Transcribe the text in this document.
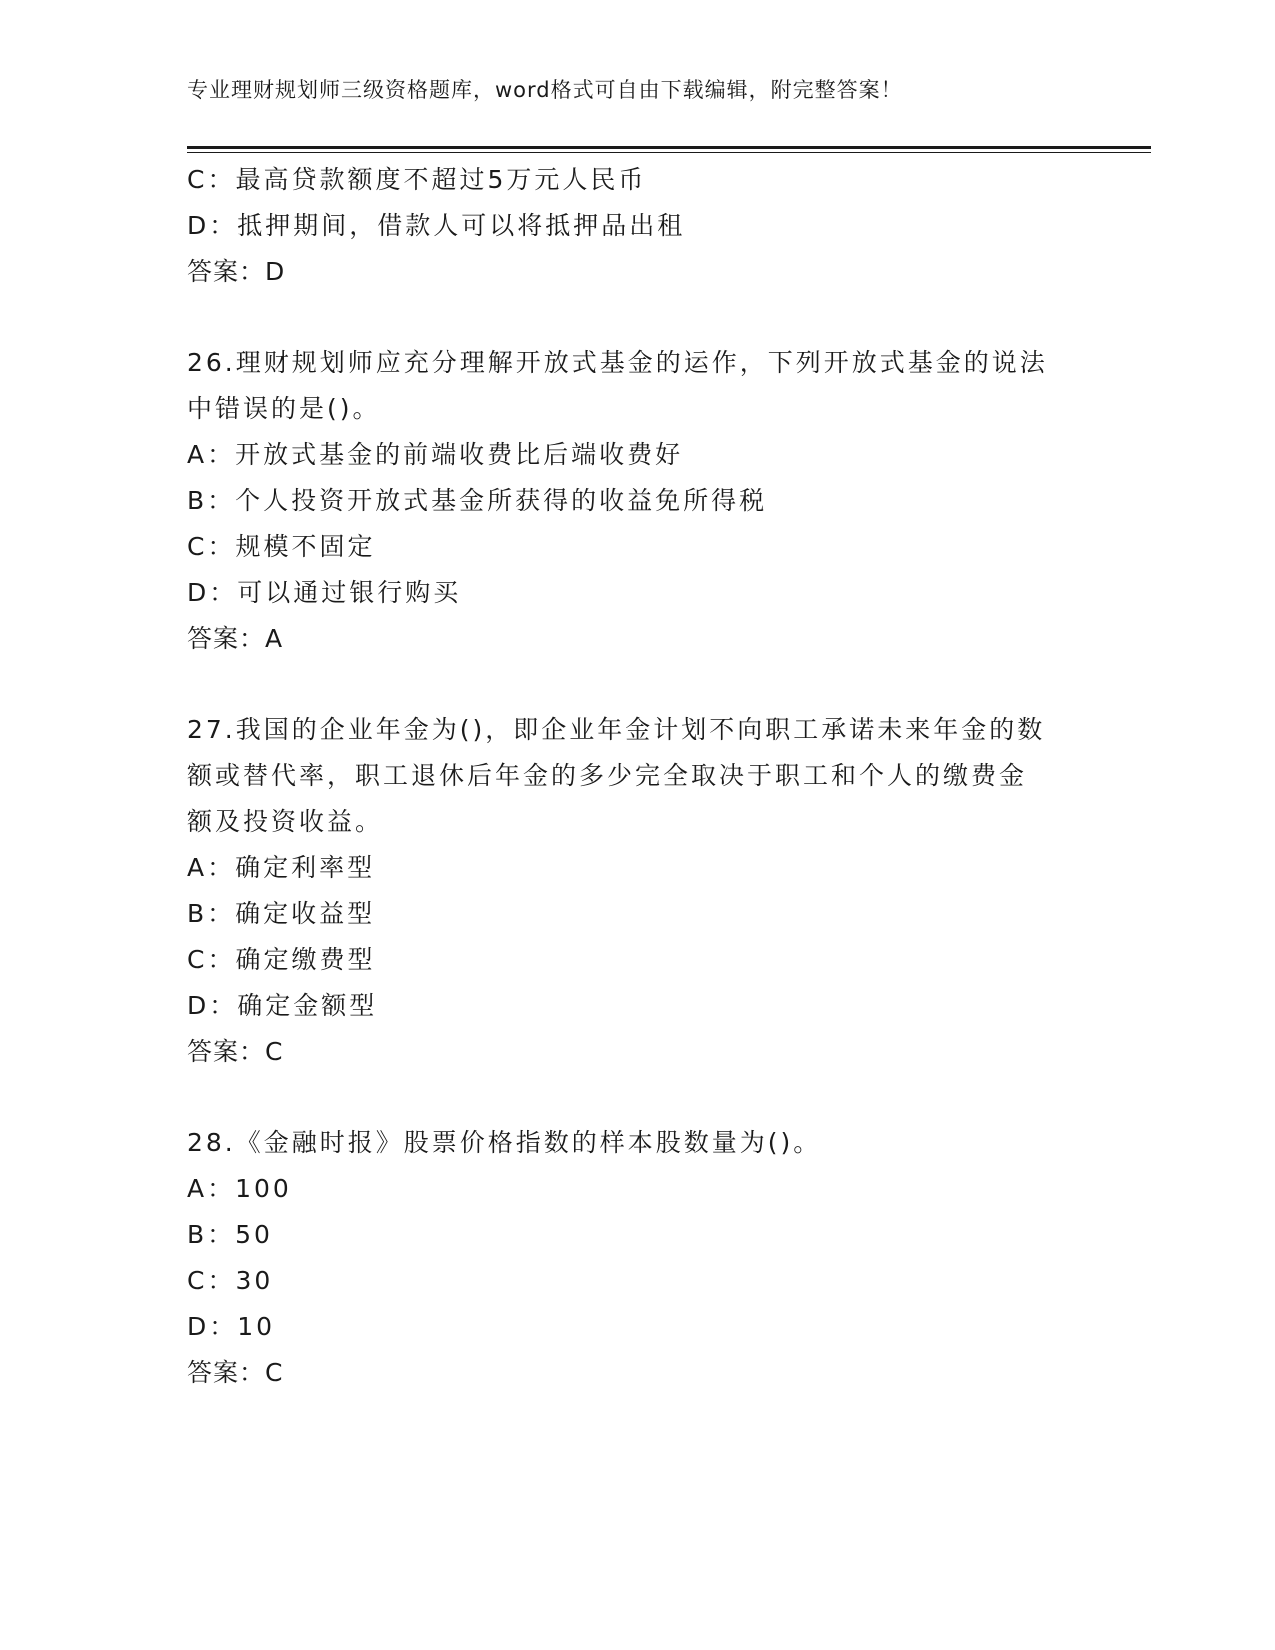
专业理财规划师三级资格题库，word格式可自由下载编辑，附完整答案！
C：最高贷款额度不超过5万元人民币
D：抵押期间，借款人可以将抵押品出租
答案：D
26.理财规划师应充分理解开放式基金的运作，下列开放式基金的说法
中错误的是()。
A：开放式基金的前端收费比后端收费好
B：个人投资开放式基金所获得的收益免所得税
C：规模不固定
D：可以通过银行购买
答案：A
27.我国的企业年金为()，即企业年金计划不向职工承诺未来年金的数
额或替代率，职工退休后年金的多少完全取决于职工和个人的缴费金
额及投资收益。
A：确定利率型
B：确定收益型
C：确定缴费型
D：确定金额型
答案：C
28.《金融时报》股票价格指数的样本股数量为()。
A：100
B：50
C：30
D：10
答案：C
